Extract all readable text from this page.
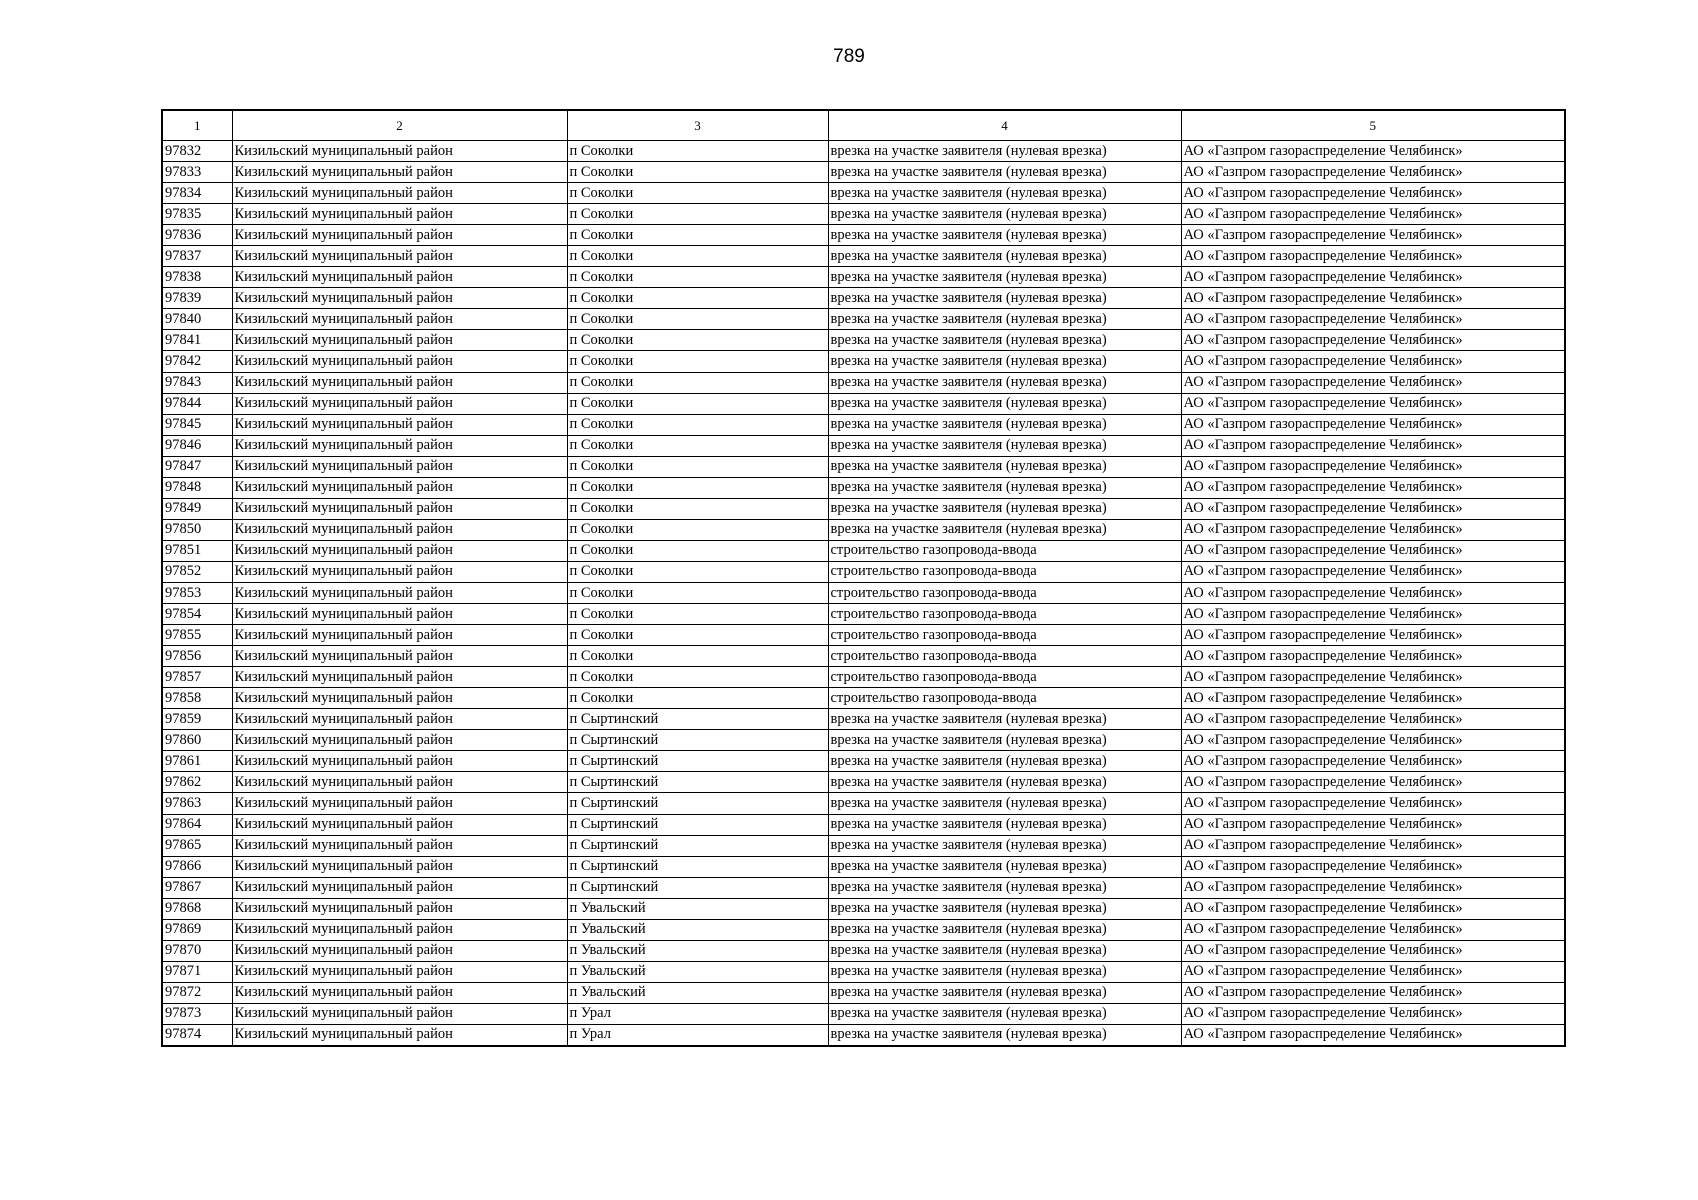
789
1	2	3	4	5
97832	Кизильский муниципальный район	п Соколки	врезка на участке заявителя (нулевая врезка)	АО «Газпром газораспределение Челябинск»
97833	Кизильский муниципальный район	п Соколки	врезка на участке заявителя (нулевая врезка)	АО «Газпром газораспределение Челябинск»
97834	Кизильский муниципальный район	п Соколки	врезка на участке заявителя (нулевая врезка)	АО «Газпром газораспределение Челябинск»
97835	Кизильский муниципальный район	п Соколки	врезка на участке заявителя (нулевая врезка)	АО «Газпром газораспределение Челябинск»
97836	Кизильский муниципальный район	п Соколки	врезка на участке заявителя (нулевая врезка)	АО «Газпром газораспределение Челябинск»
97837	Кизильский муниципальный район	п Соколки	врезка на участке заявителя (нулевая врезка)	АО «Газпром газораспределение Челябинск»
97838	Кизильский муниципальный район	п Соколки	врезка на участке заявителя (нулевая врезка)	АО «Газпром газораспределение Челябинск»
97839	Кизильский муниципальный район	п Соколки	врезка на участке заявителя (нулевая врезка)	АО «Газпром газораспределение Челябинск»
97840	Кизильский муниципальный район	п Соколки	врезка на участке заявителя (нулевая врезка)	АО «Газпром газораспределение Челябинск»
97841	Кизильский муниципальный район	п Соколки	врезка на участке заявителя (нулевая врезка)	АО «Газпром газораспределение Челябинск»
97842	Кизильский муниципальный район	п Соколки	врезка на участке заявителя (нулевая врезка)	АО «Газпром газораспределение Челябинск»
97843	Кизильский муниципальный район	п Соколки	врезка на участке заявителя (нулевая врезка)	АО «Газпром газораспределение Челябинск»
97844	Кизильский муниципальный район	п Соколки	врезка на участке заявителя (нулевая врезка)	АО «Газпром газораспределение Челябинск»
97845	Кизильский муниципальный район	п Соколки	врезка на участке заявителя (нулевая врезка)	АО «Газпром газораспределение Челябинск»
97846	Кизильский муниципальный район	п Соколки	врезка на участке заявителя (нулевая врезка)	АО «Газпром газораспределение Челябинск»
97847	Кизильский муниципальный район	п Соколки	врезка на участке заявителя (нулевая врезка)	АО «Газпром газораспределение Челябинск»
97848	Кизильский муниципальный район	п Соколки	врезка на участке заявителя (нулевая врезка)	АО «Газпром газораспределение Челябинск»
97849	Кизильский муниципальный район	п Соколки	врезка на участке заявителя (нулевая врезка)	АО «Газпром газораспределение Челябинск»
97850	Кизильский муниципальный район	п Соколки	врезка на участке заявителя (нулевая врезка)	АО «Газпром газораспределение Челябинск»
97851	Кизильский муниципальный район	п Соколки	строительство газопровода-ввода	АО «Газпром газораспределение Челябинск»
97852	Кизильский муниципальный район	п Соколки	строительство газопровода-ввода	АО «Газпром газораспределение Челябинск»
97853	Кизильский муниципальный район	п Соколки	строительство газопровода-ввода	АО «Газпром газораспределение Челябинск»
97854	Кизильский муниципальный район	п Соколки	строительство газопровода-ввода	АО «Газпром газораспределение Челябинск»
97855	Кизильский муниципальный район	п Соколки	строительство газопровода-ввода	АО «Газпром газораспределение Челябинск»
97856	Кизильский муниципальный район	п Соколки	строительство газопровода-ввода	АО «Газпром газораспределение Челябинск»
97857	Кизильский муниципальный район	п Соколки	строительство газопровода-ввода	АО «Газпром газораспределение Челябинск»
97858	Кизильский муниципальный район	п Соколки	строительство газопровода-ввода	АО «Газпром газораспределение Челябинск»
97859	Кизильский муниципальный район	п Сыртинский	врезка на участке заявителя (нулевая врезка)	АО «Газпром газораспределение Челябинск»
97860	Кизильский муниципальный район	п Сыртинский	врезка на участке заявителя (нулевая врезка)	АО «Газпром газораспределение Челябинск»
97861	Кизильский муниципальный район	п Сыртинский	врезка на участке заявителя (нулевая врезка)	АО «Газпром газораспределение Челябинск»
97862	Кизильский муниципальный район	п Сыртинский	врезка на участке заявителя (нулевая врезка)	АО «Газпром газораспределение Челябинск»
97863	Кизильский муниципальный район	п Сыртинский	врезка на участке заявителя (нулевая врезка)	АО «Газпром газораспределение Челябинск»
97864	Кизильский муниципальный район	п Сыртинский	врезка на участке заявителя (нулевая врезка)	АО «Газпром газораспределение Челябинск»
97865	Кизильский муниципальный район	п Сыртинский	врезка на участке заявителя (нулевая врезка)	АО «Газпром газораспределение Челябинск»
97866	Кизильский муниципальный район	п Сыртинский	врезка на участке заявителя (нулевая врезка)	АО «Газпром газораспределение Челябинск»
97867	Кизильский муниципальный район	п Сыртинский	врезка на участке заявителя (нулевая врезка)	АО «Газпром газораспределение Челябинск»
97868	Кизильский муниципальный район	п Увальский	врезка на участке заявителя (нулевая врезка)	АО «Газпром газораспределение Челябинск»
97869	Кизильский муниципальный район	п Увальский	врезка на участке заявителя (нулевая врезка)	АО «Газпром газораспределение Челябинск»
97870	Кизильский муниципальный район	п Увальский	врезка на участке заявителя (нулевая врезка)	АО «Газпром газораспределение Челябинск»
97871	Кизильский муниципальный район	п Увальский	врезка на участке заявителя (нулевая врезка)	АО «Газпром газораспределение Челябинск»
97872	Кизильский муниципальный район	п Увальский	врезка на участке заявителя (нулевая врезка)	АО «Газпром газораспределение Челябинск»
97873	Кизильский муниципальный район	п Урал	врезка на участке заявителя (нулевая врезка)	АО «Газпром газораспределение Челябинск»
97874	Кизильский муниципальный район	п Урал	врезка на участке заявителя (нулевая врезка)	АО «Газпром газораспределение Челябинск»
